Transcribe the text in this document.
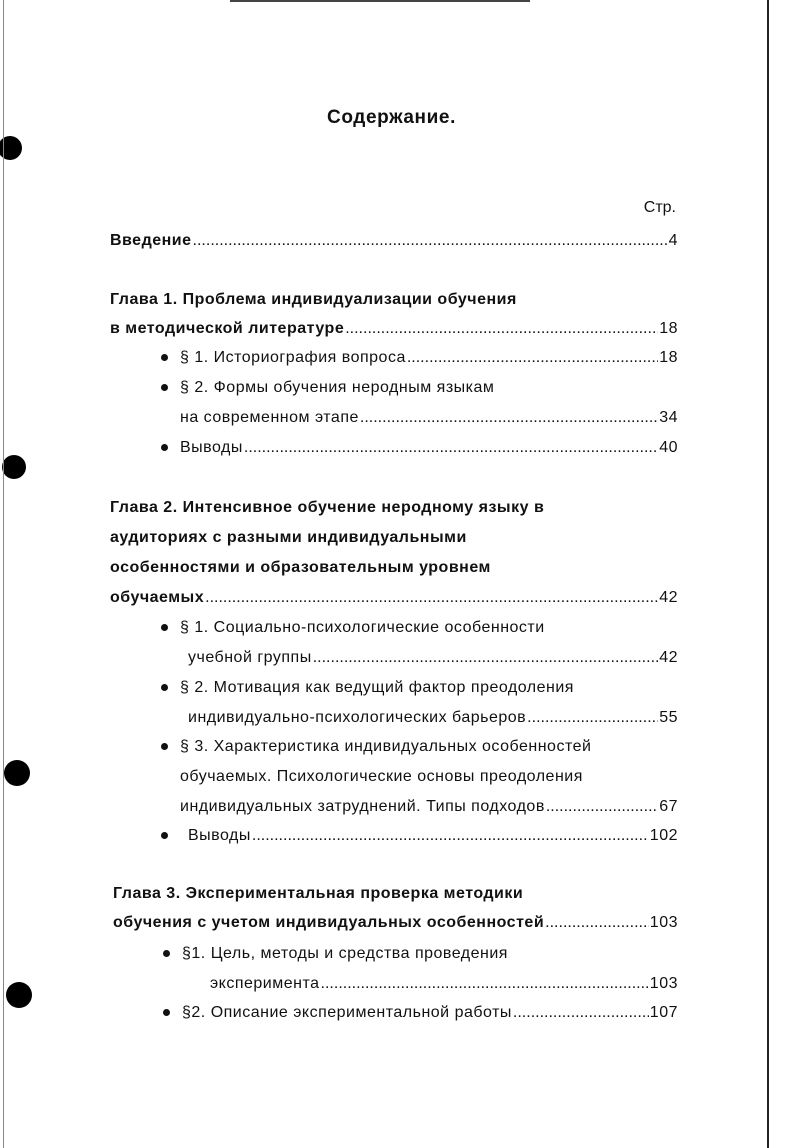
Содержание.
Стр.
Введение .....	4
Глава 1. Проблема индивидуализации обучения
в методической литературе .....	18
§ 1. Историография вопроса .....	18
§ 2. Формы обучения неродным языкам
на современном этапе .....	34
Выводы .....	40
Глава 2. Интенсивное обучение неродному языку в
аудиториях с разными индивидуальными
особенностями и образовательным уровнем
обучаемых .....	42
§ 1. Социально-психологические особенности
учебной группы .....	42
§ 2. Мотивация как ведущий фактор преодоления
индивидуально-психологических барьеров .....	55
§ 3. Характеристика индивидуальных особенностей
обучаемых. Психологические основы преодоления
индивидуальных затруднений. Типы подходов .....	67
Выводы .....	102
Глава 3. Экспериментальная проверка методики
обучения с учетом индивидуальных особенностей .....	103
§1. Цель, методы и средства проведения
эксперимента .....	103
§2. Описание экспериментальной работы .....	107
